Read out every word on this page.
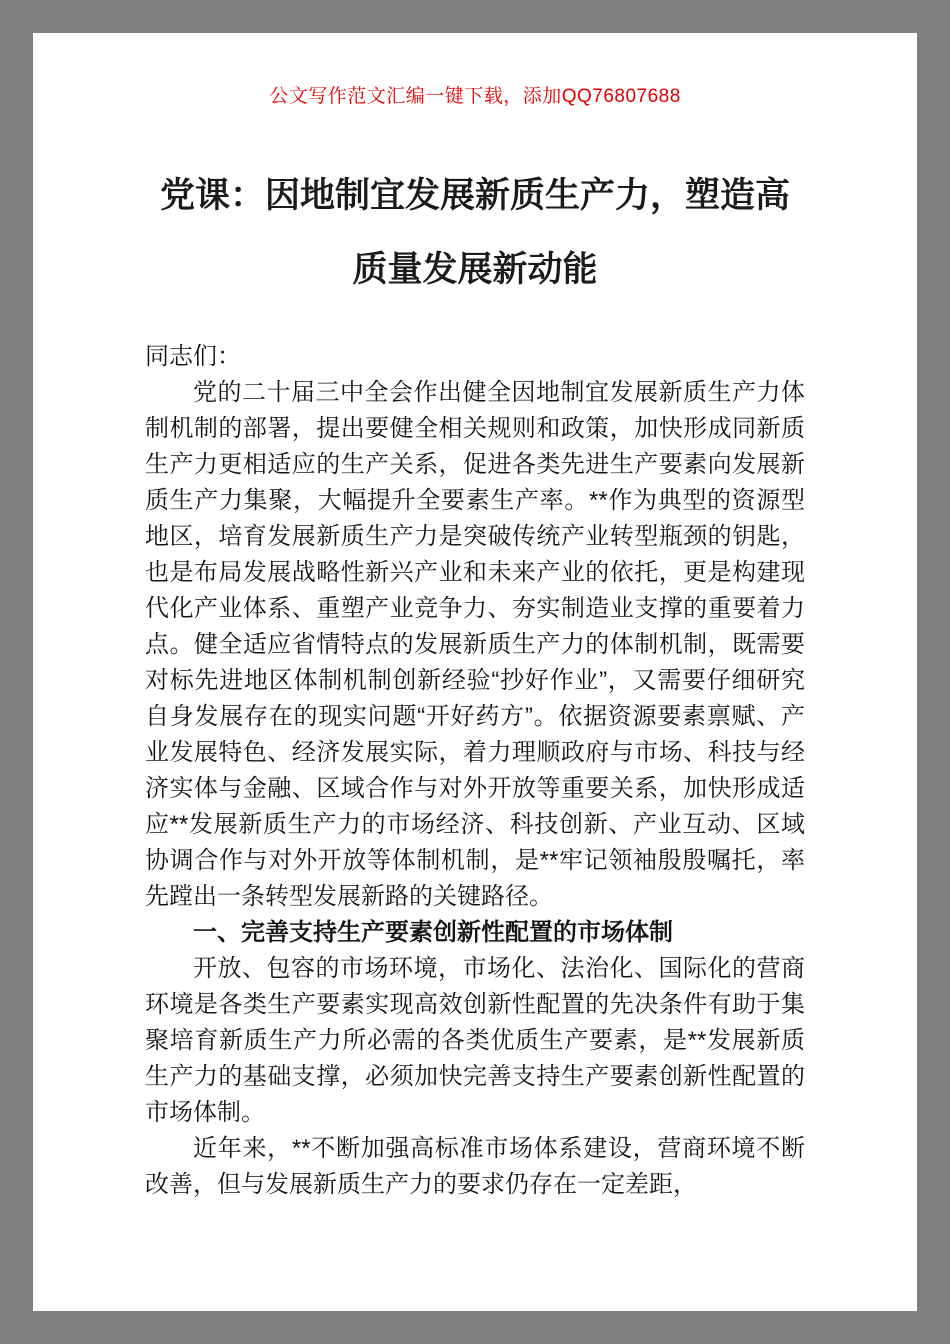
公文写作范文汇编一键下载，添加QQ76807688
党课：因地制宜发展新质生产力，塑造高
质量发展新动能

同志们：

党的二十届三中全会作出健全因地制宜发展新质生产力体制机制的部署，提出要健全相关规则和政策，加快形成同新质生产力更相适应的生产关系，促进各类先进生产要素向发展新质生产力集聚，大幅提升全要素生产率。**作为典型的资源型地区，培育发展新质生产力是突破传统产业转型瓶颈的钥匙，也是布局发展战略性新兴产业和未来产业的依托，更是构建现代化产业体系、重塑产业竞争力、夯实制造业支撑的重要着力点。健全适应省情特点的发展新质生产力的体制机制，既需要对标先进地区体制机制创新经验“抄好作业”，又需要仔细研究自身发展存在的现实问题“开好药方”。依据资源要素禀赋、产业发展特色、经济发展实际，着力理顺政府与市场、科技与经济实体与金融、区域合作与对外开放等重要关系，加快形成适应**发展新质生产力的市场经济、科技创新、产业互动、区域协调合作与对外开放等体制机制，是**牢记领袖殷殷嘱托，率先蹚出一条转型发展新路的关键路径。

一、完善支持生产要素创新性配置的市场体制

开放、包容的市场环境，市场化、法治化、国际化的营商环境是各类生产要素实现高效创新性配置的先决条件有助于集聚培育新质生产力所必需的各类优质生产要素，是**发展新质生产力的基础支撑，必须加快完善支持生产要素创新性配置的市场体制。

近年来，**不断加强高标准市场体系建设，营商环境不断改善，但与发展新质生产力的要求仍存在一定差距，
